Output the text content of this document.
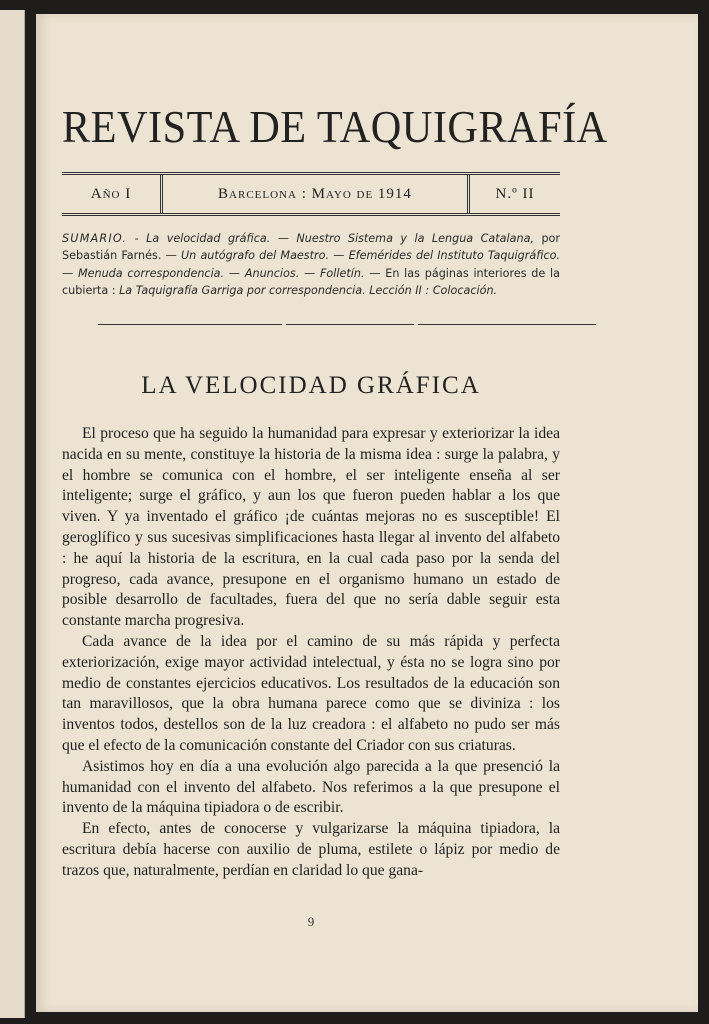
REVISTA DE TAQUIGRAFÍA
Año I	Barcelona : Mayo de 1914	N.º II
SUMARIO. - La velocidad gráfica. — Nuestro Sistema y la Lengua Catalana, por Sebastián Farnés. — Un autógrafo del Maestro. — Efemérides del Instituto Taquigráfico. — Menuda correspondencia. — Anuncios. — Folletín. — En las páginas interiores de la cubierta : La Taquigrafía Garriga por correspondencia. Lección II : Colocación.
LA VELOCIDAD GRÁFICA

El proceso que ha seguido la humanidad para expresar y exteriorizar la idea nacida en su mente, constituye la historia de la misma idea : surge la palabra, y el hombre se comunica con el hombre, el ser inteligente enseña al ser inteligente; surge el gráfico, y aun los que fueron pueden hablar a los que viven. Y ya inventado el gráfico ¡de cuántas mejoras no es susceptible! El geroglífico y sus sucesivas simplificaciones hasta llegar al invento del alfabeto : he aquí la historia de la escritura, en la cual cada paso por la senda del progreso, cada avance, presupone en el organismo humano un estado de posible desarrollo de facultades, fuera del que no sería dable seguir esta constante marcha progresiva.

Cada avance de la idea por el camino de su más rápida y perfecta exteriorización, exige mayor actividad intelectual, y ésta no se logra sino por medio de constantes ejercicios educativos. Los resultados de la educación son tan maravillosos, que la obra humana parece como que se diviniza : los inventos todos, destellos son de la luz creadora : el alfabeto no pudo ser más que el efecto de la comunicación constante del Criador con sus criaturas.

Asistimos hoy en día a una evolución algo parecida a la que presenció la humanidad con el invento del alfabeto. Nos referimos a la que presupone el invento de la máquina tipiadora o de escribir.

En efecto, antes de conocerse y vulgarizarse la máquina tipiadora, la escritura debía hacerse con auxilio de pluma, estilete o lápiz por medio de trazos que, naturalmente, perdían en claridad lo que gana-

9
